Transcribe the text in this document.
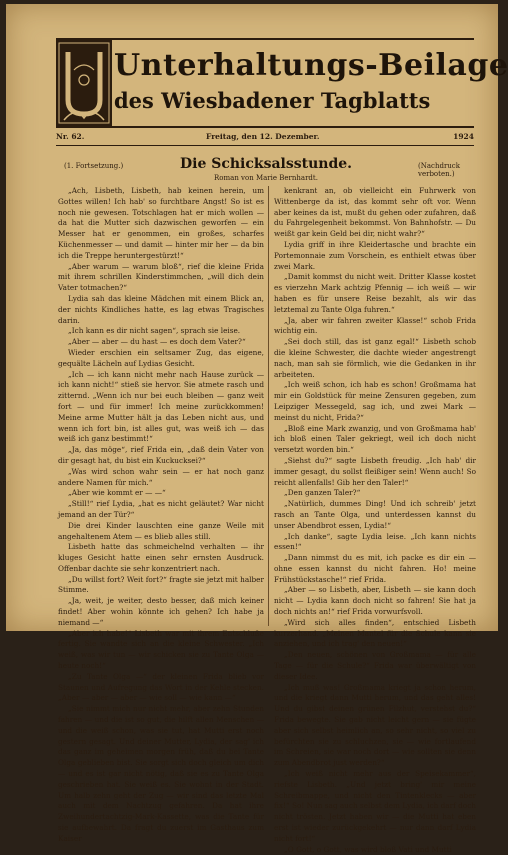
Unterhaltungs-Beilage
des Wiesbadener Tagblatts
Nr. 62.	Freitag, den 12. Dezember.	1924
(1. Fortsetzung.)	(Nachdruck verboten.)
Die Schicksalsstunde.
Roman von Marie Bernhardt.

„Ach, Lisbeth, Lisbeth, hab keinen herein, um Gottes willen! Ich hab' so furchtbare Angst! So ist es noch nie gewesen. Totschlagen hat er mich wollen — da hat die Mutter sich dazwischen geworfen — ein Messer hat er genommen, ein großes, scharfes Küchenmesser — und damit — hinter mir her — da bin ich die Treppe heruntergestürzt!“

„Aber warum — warum bloß“, rief die kleine Frida mit ihrem schrillen Kinderstimmchen, „will dich dein Vater totmachen?“

Lydia sah das kleine Mädchen mit einem Blick an, der nichts Kindliches hatte, es lag etwas Tragisches darin.

„Ich kann es dir nicht sagen“, sprach sie leise.

„Aber — aber — du hast — es doch dem Vater?“

Wieder erschien ein seltsamer Zug, das eigene, gequälte Lächeln auf Lydias Gesicht.

„Ich — ich kann nicht mehr nach Hause zurück — ich kann nicht!“ stieß sie hervor. Sie atmete rasch und zitternd. „Wenn ich nur bei euch bleiben — ganz weit fort — und für immer! Ich meine zurückkommen! Meine arme Mutter hält ja das Leben nicht aus, und wenn ich fort bin, ist alles gut, was weiß ich — das weiß ich ganz bestimmt!“

„Ja, das möge“, rief Frida ein, „daß dein Vater von dir gesagt hat, du bist ein Kuckucksei?“

„Was wird schon wahr sein — er hat noch ganz andere Namen für mich.“

„Aber wie kommt er — —“

„Still!“ rief Lydia, „hat es nicht geläutet? War nicht jemand an der Tür?“

Die drei Kinder lauschten eine ganze Weile mit angehaltenem Atem — es blieb alles still.

Lisbeth hatte das schmeichelnd verhalten — ihr kluges Gesicht hatte einen sehr ernsten Ausdruck. Offenbar dachte sie sehr konzentriert nach.

„Du willst fort? Weit fort?“ fragte sie jetzt mit halber Stimme.

„Ja, weit, je weiter, desto besser, daß mich keiner findet! Aber wohin könnte ich gehen? Ich habe ja niemand —“

„Aber ich habe!“ Lisbeth war mit ihrem Entschluße fertig. Sie wandte sich an die kleine Schwester. „Ich weiß, was wir tun — wir schicken sie zu Tante Olga — heute noch!“

„Zu Tante Olga —“ der kleinen Frida blieb vor Staunen und Aufregung das Wort in der Kehle stecken. „Aber — aber — aber — wie soll — wie kann —“

„Sie nimmt mich nur nicht mehr, aber zehn Stunden fahren — und die ist so gut, die hilft allen Menschen — und die weiß schon, was sie tut, hat Mutti erst noch gestern gesagt. Und deiner Mutter, Lydia, der sag' ich das ganz im geheimen morgen früh, daß du bei Tante Olga geblieben bist. Sie sorgt sich doch gleich um dich — und es ist gar nicht nötig, daß sie es zu Tante Olga geschrieben hat. Sie weiß es. Sie wohnt in der Stadt. Um halb zehn geht der Zug — wir sind das letzte Mal auch mit dem Nachtzug gefahren. Da hat ihre Zweihundertachtzig-Mark-Kassette, was die Tante für sie aufbewahrt. Da fragt du zuerst im Gasthaus zum Kaiser

kenkrant an, ob vielleicht ein Fuhrwerk von Wittenberge da ist, das kommt sehr oft vor. Wenn aber keines da ist, mußt du gehen oder zufahren, daß du Fahrgelegenheit bekommst. Von Bahnhofstr. — Du weißt gar kein Geld bei dir, nicht wahr?“

Lydia griff in ihre Kleidertasche und brachte ein Portemonnaie zum Vorschein, es enthielt etwas über zwei Mark.

„Damit kommst du nicht weit. Dritter Klasse kostet es vierzehn Mark achtzig Pfennig — ich weiß — wir haben es für unsere Reise bezahlt, als wir das letztemal zu Tante Olga fuhren.“

„Ja, aber wir fahren zweiter Klasse!“ schob Frida wichtig ein.

„Sei doch still, das ist ganz egal!“ Lisbeth schob die kleine Schwester, die dachte wieder angestrengt nach, man sah sie förmlich, wie die Gedanken in ihr arbeiteten.

„Ich weiß schon, ich hab es schon! Großmama hat mir ein Goldstück für meine Zensuren gegeben, zum Leipziger Messegeld, sag ich, und zwei Mark — meinst du nicht, Frida?“

„Bloß eine Mark zwanzig, und von Großmama hab' ich bloß einen Taler gekriegt, weil ich doch nicht versetzt worden bin.“

„Siehst du?“ sagte Lisbeth freudig. „Ich hab' dir immer gesagt, du sollst fleißiger sein! Wenn auch! So reicht allenfalls! Gib her den Taler!“

„Den ganzen Taler?“

„Natürlich, dummes Ding! Und ich schreib' jetzt rasch an Tante Olga, und unterdessen kannst du unser Abendbrot essen, Lydia!“

„Ich danke“, sagte Lydia leise. „Ich kann nichts essen!“

„Dann nimmst du es mit, ich packe es dir ein — ohne essen kannst du nicht fahren. Ho! meine Frühstückstasche!“ rief Frida.

„Aber — so Lisbeth, aber, Lisbeth — sie kann doch nicht — Lydia kann doch nicht so fahren! Sie hat ja doch nichts an!“ rief Frida vorwurfsvoll.

„Wird sich alles finden“, entschied Lisbeth kurzerhand. „Meinen Mantel für die Schule kann sie anziehen, und ich trag' den neuen!“

„Den neuen, schönen von Großmama — für alle Tage — für die Schule?“ Frida war überwältigt von dieser Idee.

„Ich muß was! Großmama kriegt ja schon herum, und die kriegt dann Mutti herum, und das geht alles! Und du gibst deinen grünen Filzhut, verstehst du?“ Frida bewegte. Sie gab nicht leicht gern — sie fügte aber sich selbst heimlich an, so sehr nicht, so viel zu befürchten sie zu schluchzen, sie — wie fortlaufend im Schreien, sie war noch dort — wie sollten sie denn zum Abendbrot just werden?“

„Ich weiß nicht mehr aus der Speisekammer“, riefste Lisbeth. „Und jetzt bring' mir meine Schreibmappe, und nicht den Tintenklecks — aber fix!“ So! Nun sag auch selbst dem Lydia, ich darf doch nicht trösten. Jetzt haben wir — die Mutti hat eben erst ist wieder zurückgekehrt — nur dann darf Lydia nicht fort!“

„O Gott, o Gott, was wird bloß Vati und Mutti
